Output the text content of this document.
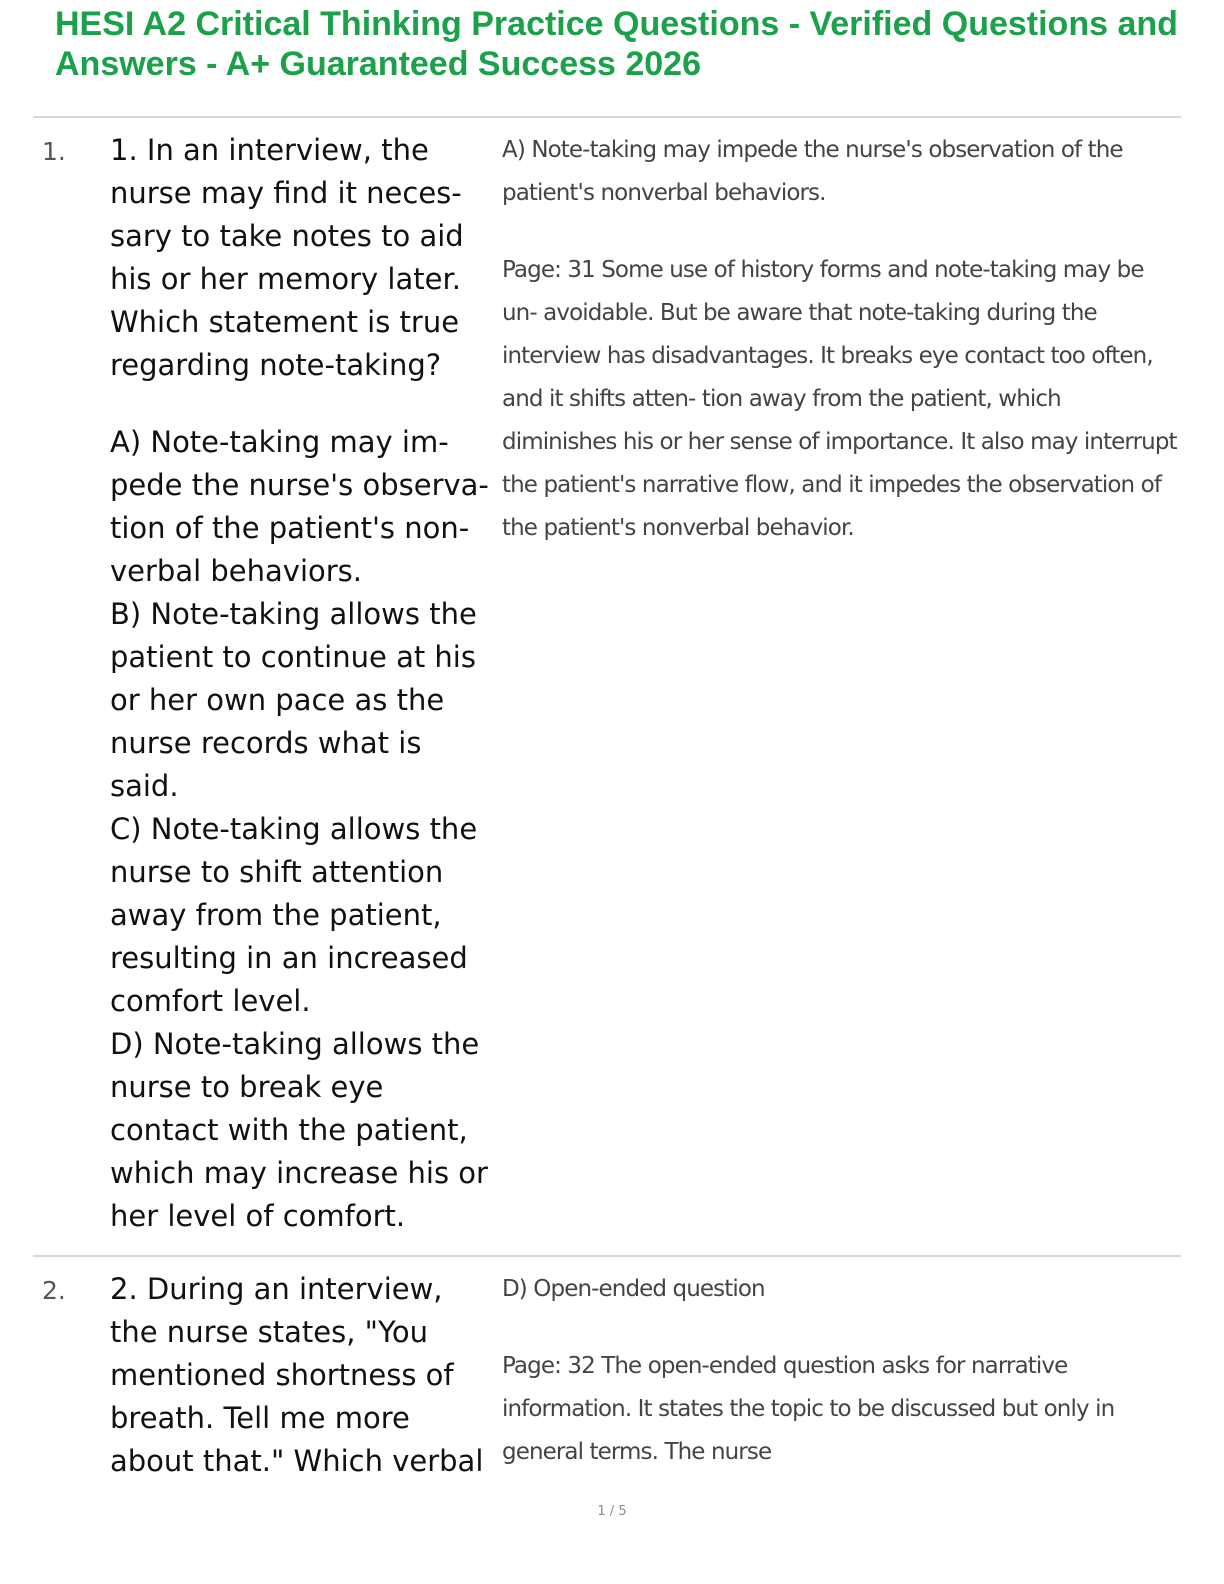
HESI A2 Critical Thinking Practice Questions - Verified Questions and Answers - A+ Guaranteed Success 2026
1. 1. In an interview, the nurse may find it neces- sary to take notes to aid his or her memory later. Which statement is true regarding note-taking?

A) Note-taking may im- pede the nurse's observa- tion of the patient's non- verbal behaviors.

B) Note-taking allows the patient to continue at his or her own pace as the nurse records what is said.

C) Note-taking allows the nurse to shift attention away from the patient, resulting in an increased comfort level.

D) Note-taking allows the nurse to break eye contact with the patient, which may increase his or her level of comfort.

A) Note-taking may impede the nurse's observation of the patient's nonverbal behaviors.

Page: 31 Some use of history forms and note-taking may be un- avoidable. But be aware that note-taking during the interview has disadvantages. It breaks eye contact too often, and it shifts atten- tion away from the patient, which diminishes his or her sense of importance. It also may interrupt the patient's narrative flow, and it impedes the observation of the patient's nonverbal behavior.

2. 2. During an interview, the nurse states, "You mentioned shortness of breath. Tell me more about that." Which verbal

D) Open-ended question

Page: 32 The open-ended question asks for narrative information. It states the topic to be discussed but only in general terms. The nurse

1 / 5
